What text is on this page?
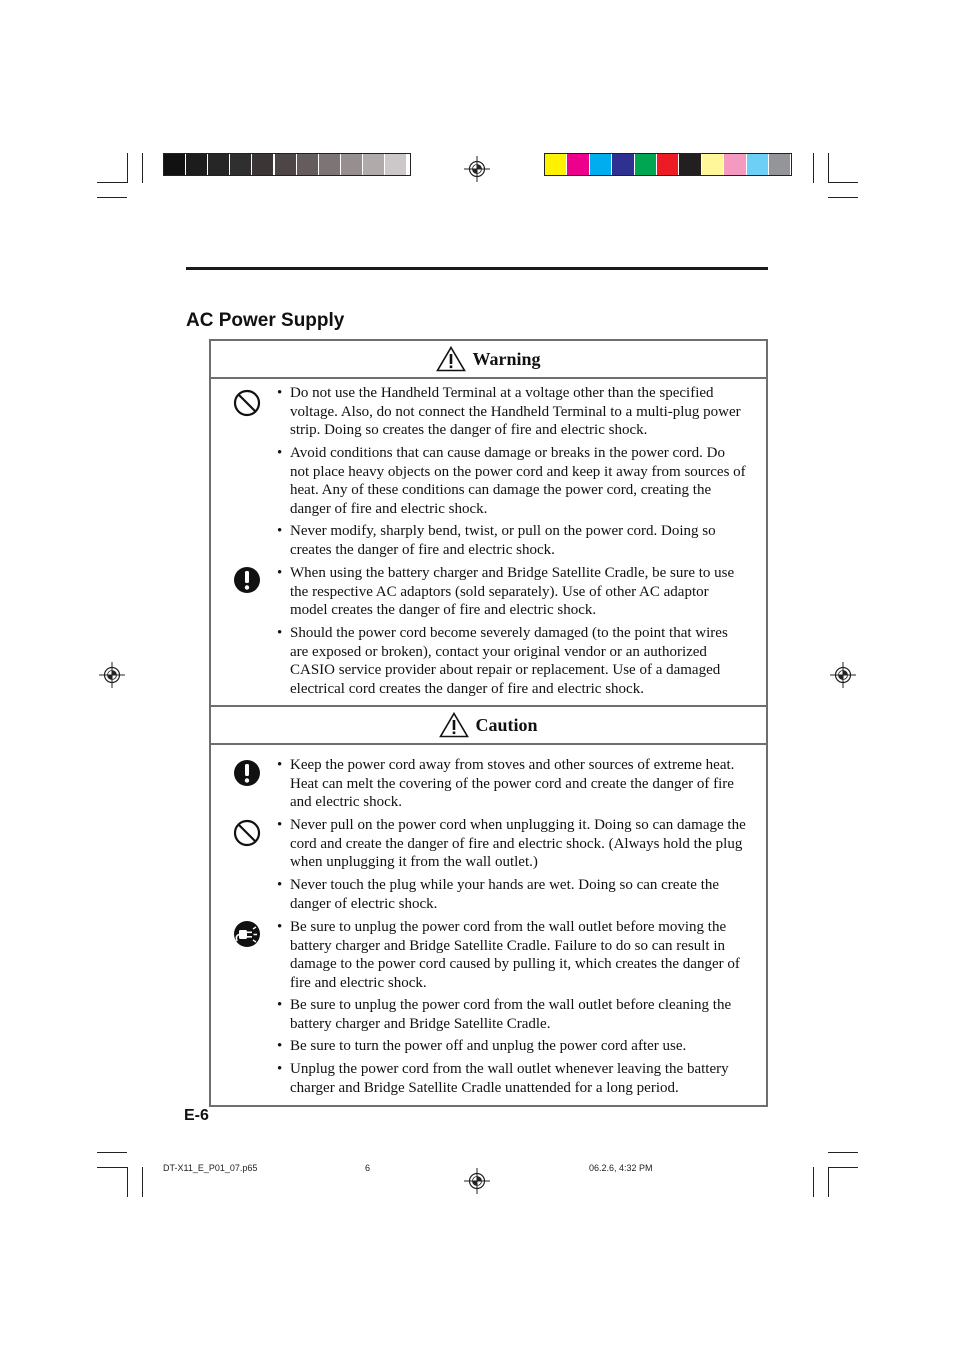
AC Power Supply
Warning
• Do not use the Handheld Terminal at a voltage other than the specified voltage. Also, do not connect the Handheld Terminal to a multi-plug power strip. Doing so creates the danger of fire and electric shock.
• Avoid conditions that can cause damage or breaks in the power cord. Do not place heavy objects on the power cord and keep it away from sources of heat. Any of these conditions can damage the power cord, creating the danger of fire and electric shock.
• Never modify, sharply bend, twist, or pull on the power cord. Doing so creates the danger of fire and electric shock.
• When using the battery charger and Bridge Satellite Cradle, be sure to use the respective AC adaptors (sold separately). Use of other AC adaptor model creates the danger of fire and electric shock.
• Should the power cord become severely damaged (to the point that wires are exposed or broken), contact your original vendor or an authorized CASIO service provider about repair or replacement. Use of a damaged electrical cord creates the danger of fire and electric shock.
Caution
• Keep the power cord away from stoves and other sources of extreme heat. Heat can melt the covering of the power cord and create the danger of fire and electric shock.
• Never pull on the power cord when unplugging it. Doing so can damage the cord and create the danger of fire and electric shock. (Always hold the plug when unplugging it from the wall outlet.)
• Never touch the plug while your hands are wet. Doing so can create the danger of electric shock.
• Be sure to unplug the power cord from the wall outlet before moving the battery charger and Bridge Satellite Cradle. Failure to do so can result in damage to the power cord caused by pulling it, which creates the danger of fire and electric shock.
• Be sure to unplug the power cord from the wall outlet before cleaning the battery charger and Bridge Satellite Cradle.
• Be sure to turn the power off and unplug the power cord after use.
• Unplug the power cord from the wall outlet whenever leaving the battery charger and Bridge Satellite Cradle unattended for a long period.
E-6
DT-X11_E_P01_07.p65	6	06.2.6, 4:32 PM
